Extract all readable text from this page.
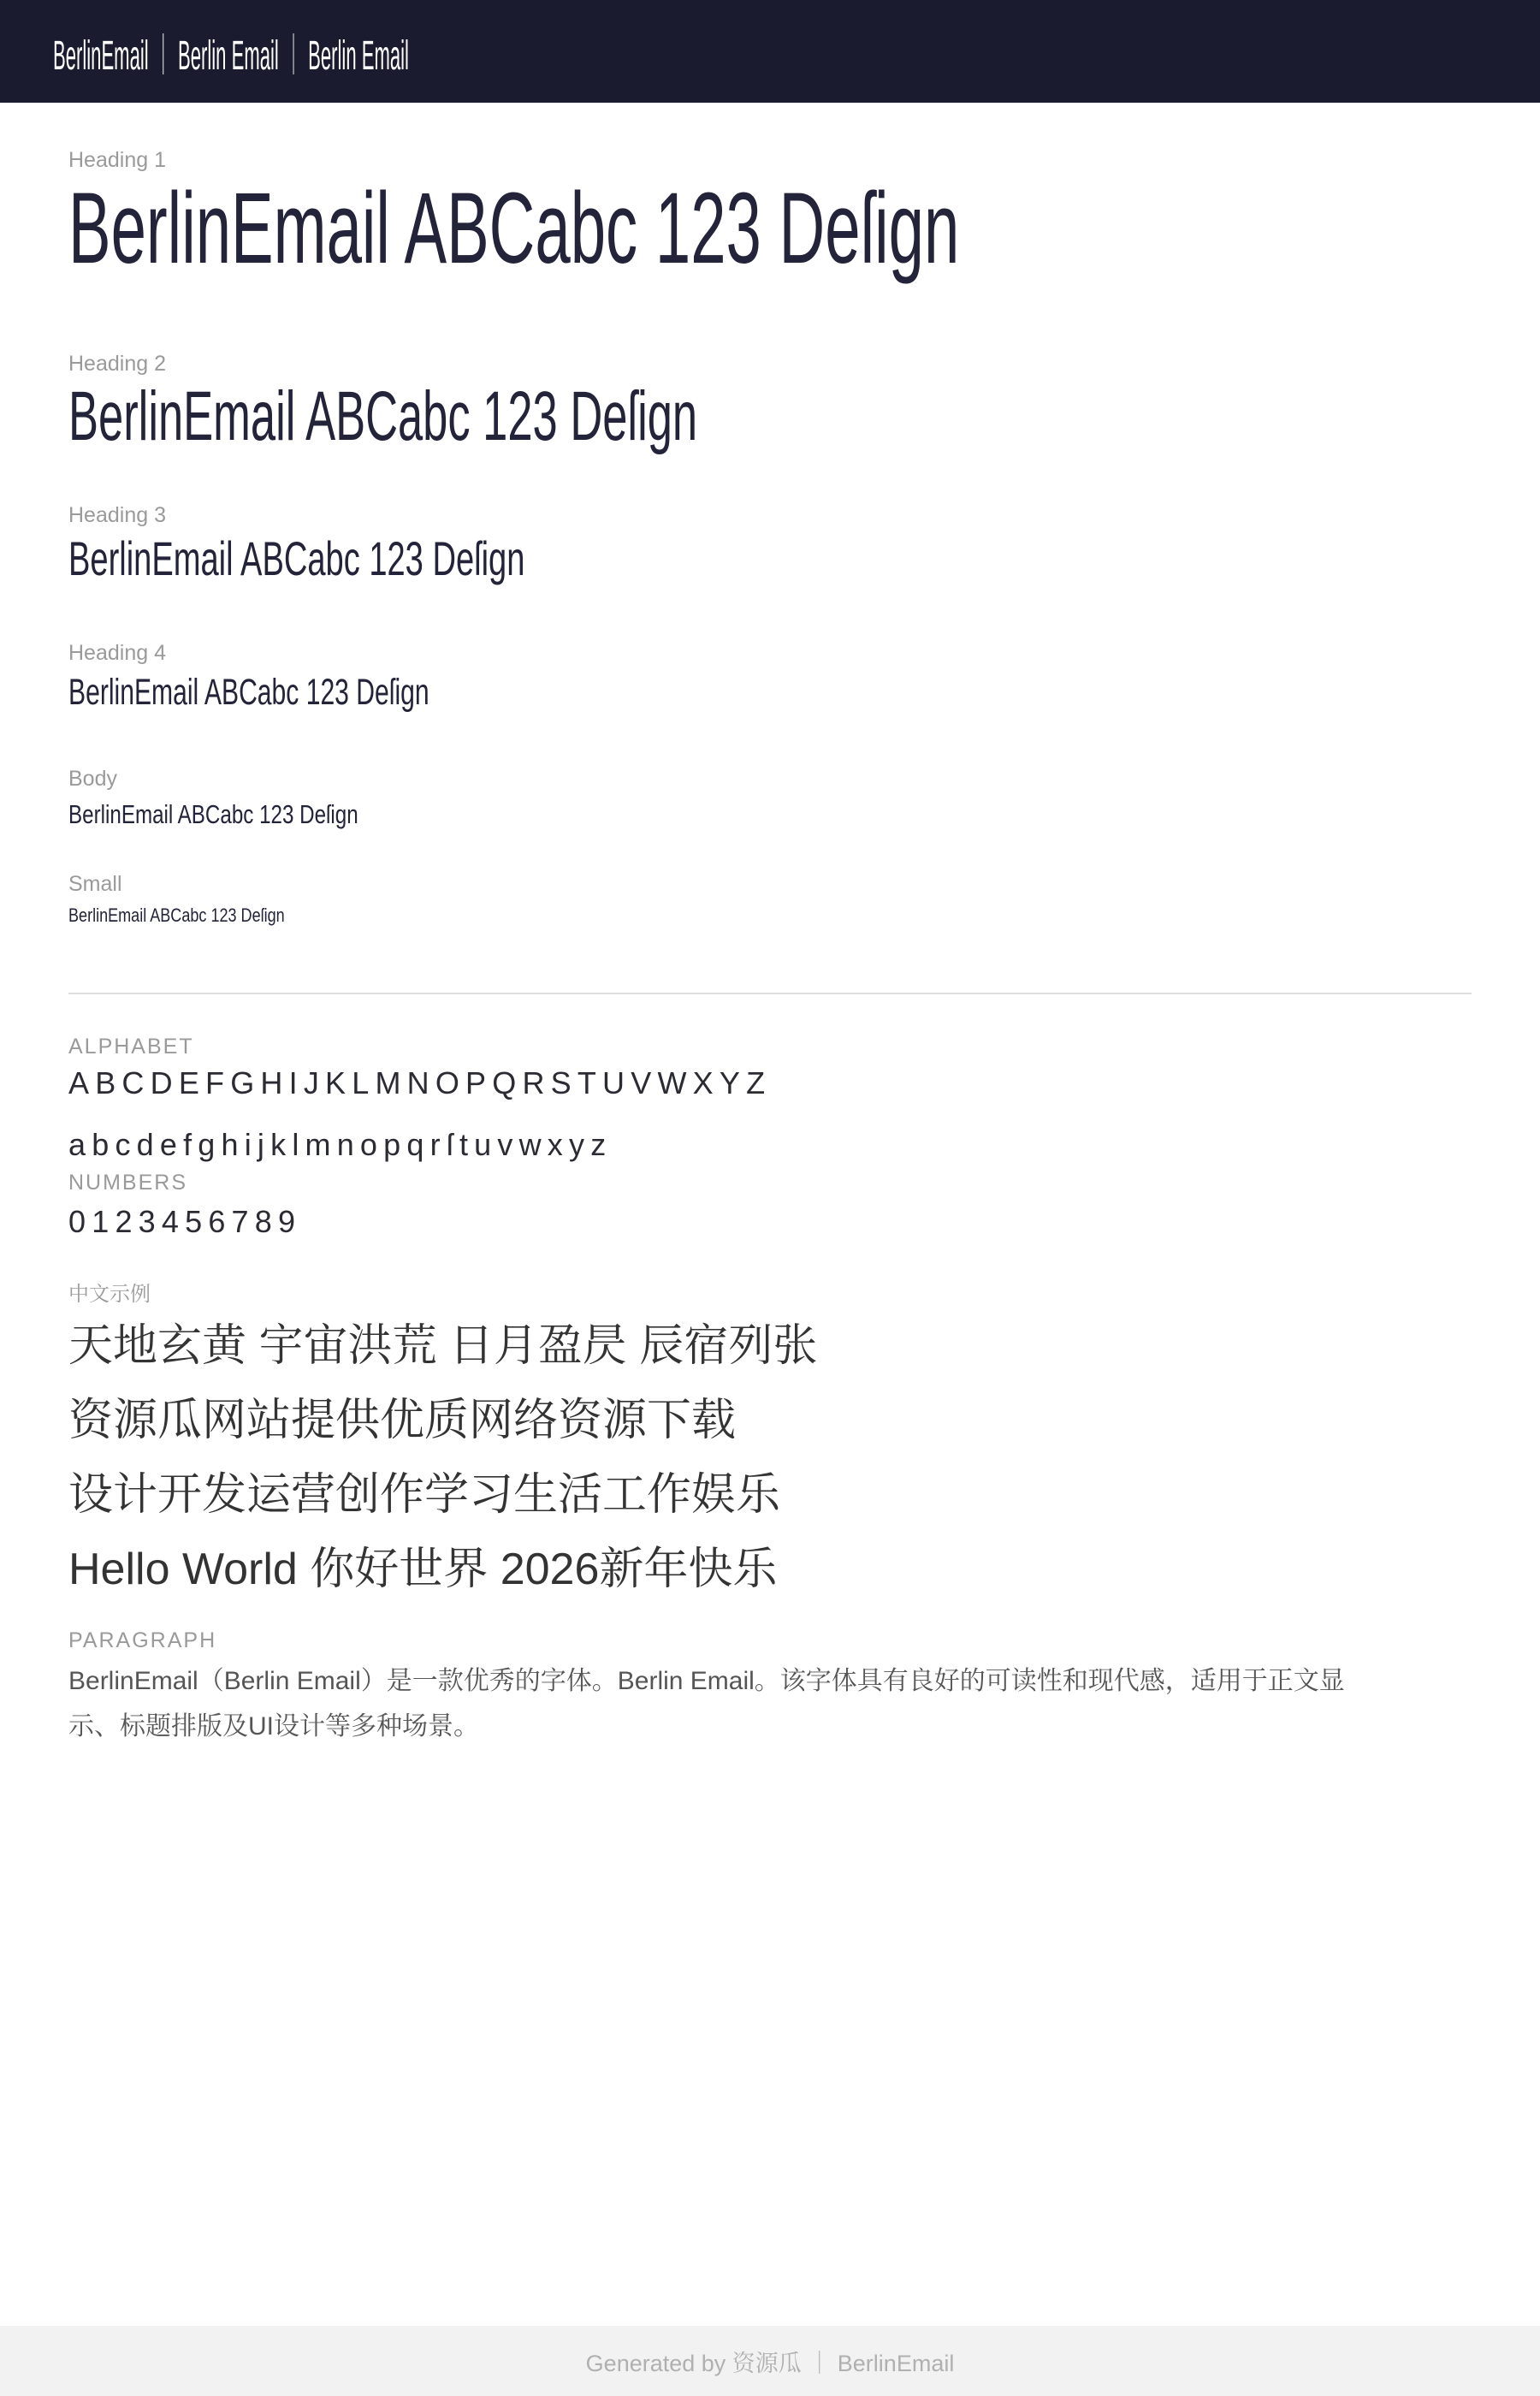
BerlinEmail ｜ Berlin Email ｜ Berlin Email
Heading 1
BerlinEmail ABCabc 123 Deſign
Heading 2
BerlinEmail ABCabc 123 Deſign
Heading 3
BerlinEmail ABCabc 123 Deſign
Heading 4
BerlinEmail ABCabc 123 Deſign
Body
BerlinEmail ABCabc 123 Deſign
Small
BerlinEmail ABCabc 123 Deſign
ALPHABET
ABCDEFGHIJKLMNOPQRSTUVWXYZ
abcdefghijklmnopqrſtuvwxyz
NUMBERS
0123456789
中文示例
天地玄黄 宇宙洪荒 日月盈昃 辰宿列张
资源瓜网站提供优质网络资源下载
设计开发运营创作学习生活工作娱乐
Hello World 你好世界 2026新年快乐
PARAGRAPH

BerlinEmail（Berlin Email）是一款优秀的字体。Berlin Email。该字体具有良好的可读性和现代感，适用于正文显示、标题排版及UI设计等多种场景。

Generated by 资源瓜 ｜ BerlinEmail
